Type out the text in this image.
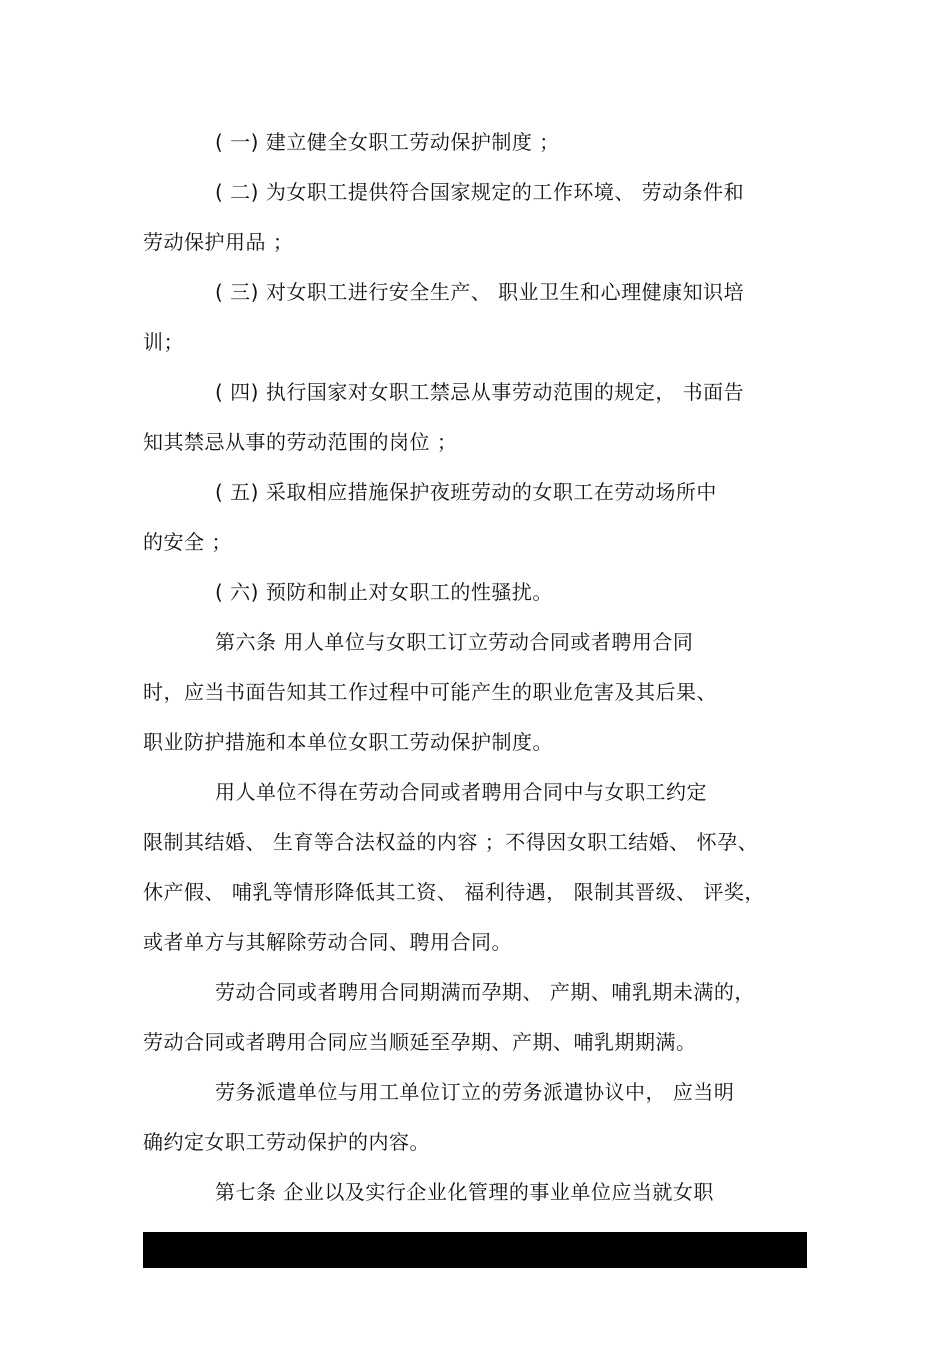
( 一) 建立健全女职工劳动保护制度 ；
( 二) 为女职工提供符合国家规定的工作环境、 劳动条件和
劳动保护用品 ；
( 三) 对女职工进行安全生产、 职业卫生和心理健康知识培
训；
( 四) 执行国家对女职工禁忌从事劳动范围的规定， 书面告
知其禁忌从事的劳动范围的岗位 ；
( 五) 采取相应措施保护夜班劳动的女职工在劳动场所中
的安全 ；
( 六) 预防和制止对女职工的性骚扰。
第六条 用人单位与女职工订立劳动合同或者聘用合同
时，应当书面告知其工作过程中可能产生的职业危害及其后果、
职业防护措施和本单位女职工劳动保护制度。
用人单位不得在劳动合同或者聘用合同中与女职工约定
限制其结婚、 生育等合法权益的内容 ；不得因女职工结婚、 怀孕、
休产假、 哺乳等情形降低其工资、 福利待遇， 限制其晋级、 评奖，
或者单方与其解除劳动合同、聘用合同。
劳动合同或者聘用合同期满而孕期、 产期、哺乳期未满的，
劳动合同或者聘用合同应当顺延至孕期、产期、哺乳期期满。
劳务派遣单位与用工单位订立的劳务派遣协议中， 应当明
确约定女职工劳动保护的内容。
第七条 企业以及实行企业化管理的事业单位应当就女职
